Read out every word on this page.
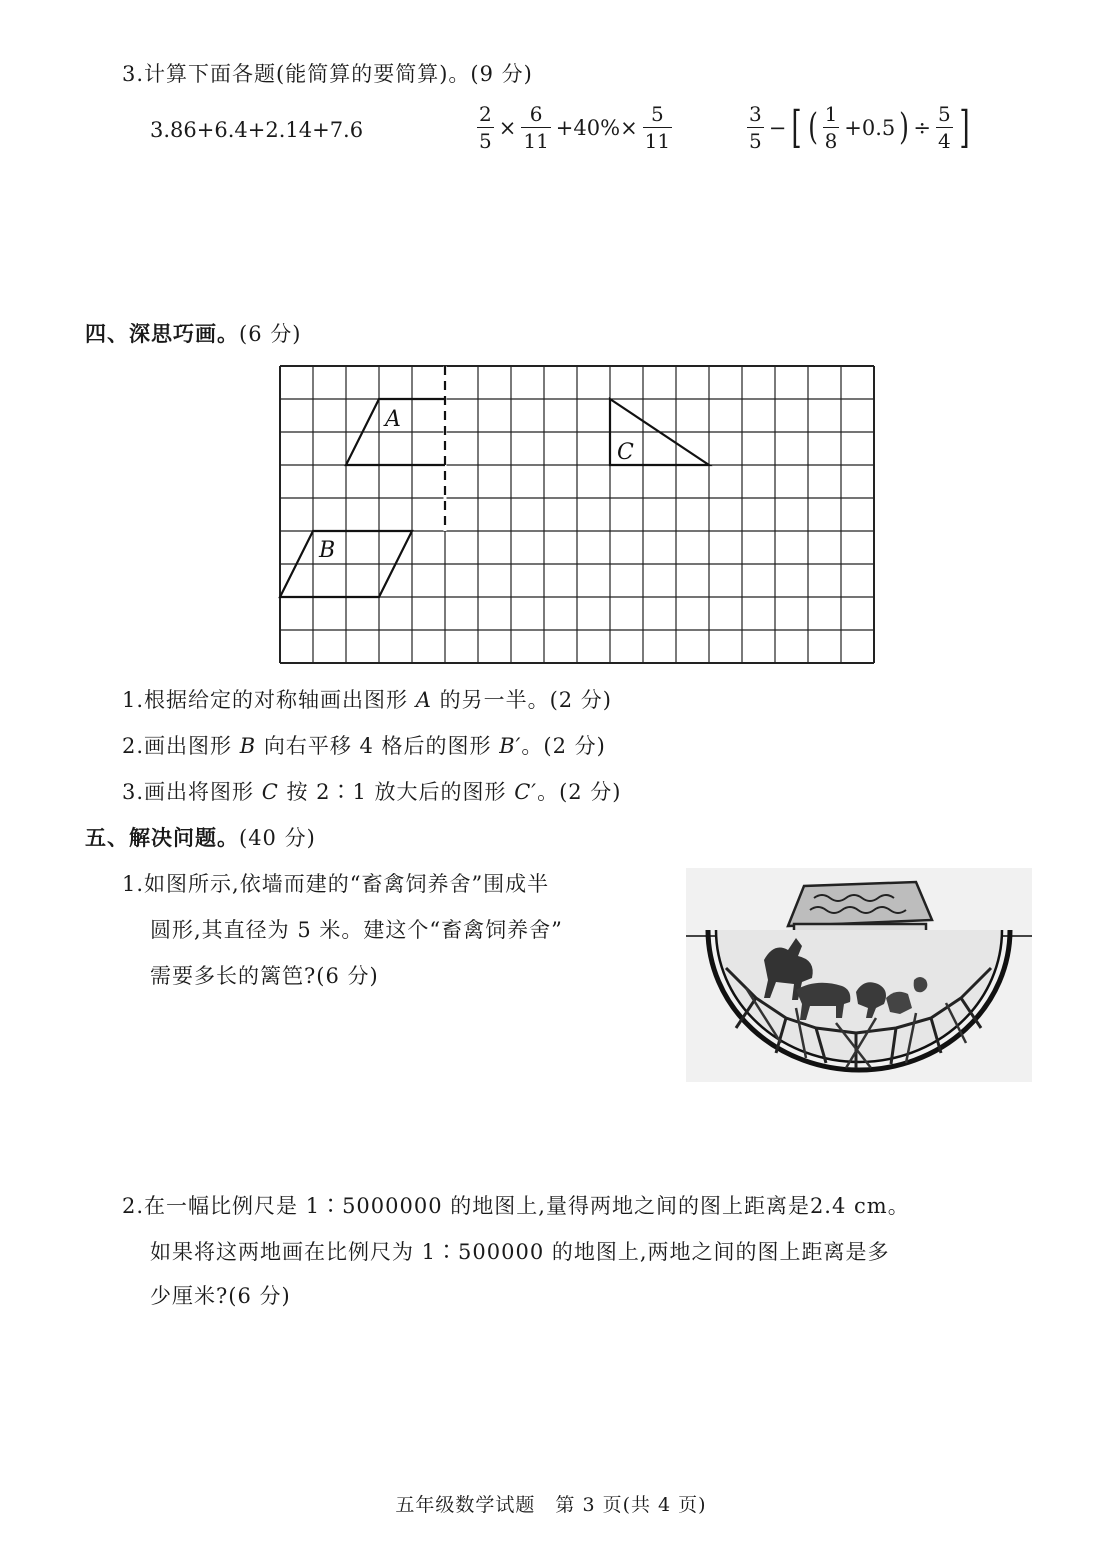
3.计算下面各题(能简算的要简算)。(9 分)
3.86+6.4+2.14+7.6	$\frac{2}{5} \times \frac{6}{11} +40\%\times \frac{5}{11}$	$\frac{3}{5}$ − [ ( $\frac{1}{8} +0.5$ ) ÷ $\frac{5}{4}$ ]
四、深思巧画。(6 分)
A
B
C
1.根据给定的对称轴画出图形 A 的另一半。(2 分)
2.画出图形 B 向右平移 4 格后的图形 B′。(2 分)
3.画出将图形 C 按 2∶1 放大后的图形 C′。(2 分)
五、解决问题。(40 分)
1.如图所示,依墙而建的“畜禽饲养舍”围成半
圆形,其直径为 5 米。建这个“畜禽饲养舍”
需要多长的篱笆?(6 分)
2.在一幅比例尺是 1∶5000000 的地图上,量得两地之间的图上距离是2.4 cm。
如果将这两地画在比例尺为 1∶500000 的地图上,两地之间的图上距离是多
少厘米?(6 分)
五年级数学试题　第 3 页(共 4 页)
